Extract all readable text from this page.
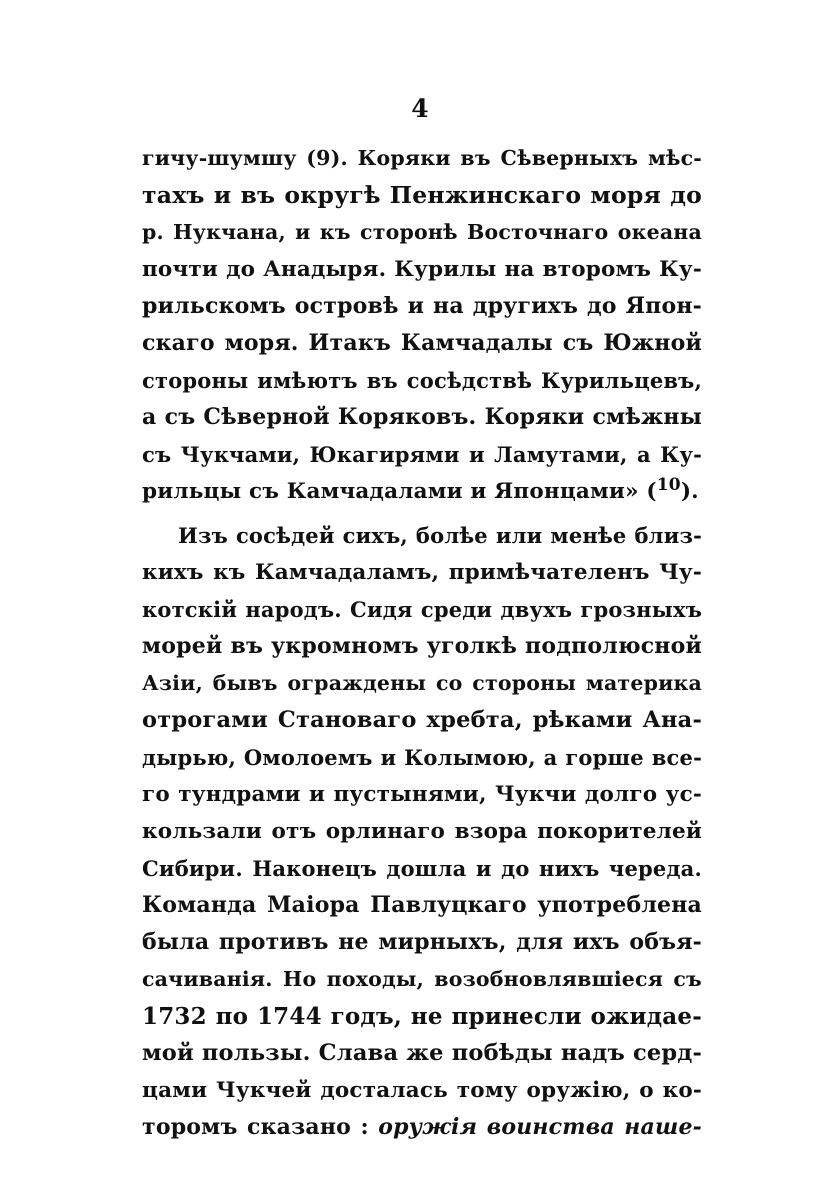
4
гичу-шумшу (9). Коряки въ Сѣверныхъ мѣс-
тахъ и въ округѣ Пенжинскаго моря до
р. Нукчана, и къ сторонѣ Восточнаго океана
почти до Анадыря. Курилы на второмъ Ку-
рильскомъ островѣ и на другихъ до Япон-
скаго моря. Итакъ Камчадалы съ Южной
стороны имѣютъ въ сосѣдствѣ Курильцевъ,
а съ Сѣверной Коряковъ. Коряки смѣжны
съ Чукчами, Юкагирями и Ламутами, а Ку-
рильцы съ Камчадалами и Японцами» ($^{10}$).
Изъ сосѣдей сихъ, болѣе или менѣе близ-
кихъ къ Камчадаламъ, примѣчателенъ Чу-
котскій народъ. Сидя среди двухъ грозныхъ
морей въ укромномъ уголкѣ подполюсной
Азіи, бывъ ограждены со стороны материка
отрогами Становаго хребта, рѣками Ана-
дырью, Омолоемъ и Колымою, а горше все-
го тундрами и пустынями, Чукчи долго ус-
кользали отъ орлинаго взора покорителей
Сибири. Наконецъ дошла и до нихъ череда.
Команда Маіора Павлуцкаго употреблена
была противъ не мирныхъ, для ихъ объя-
сачиванія. Но походы, возобновлявшіеся съ
1732 по 1744 годъ, не принесли ожидае-
мой пользы. Слава же побѣды надъ серд-
цами Чукчей досталась тому оружію, о ко-
торомъ сказано : оружія воинства наше-
